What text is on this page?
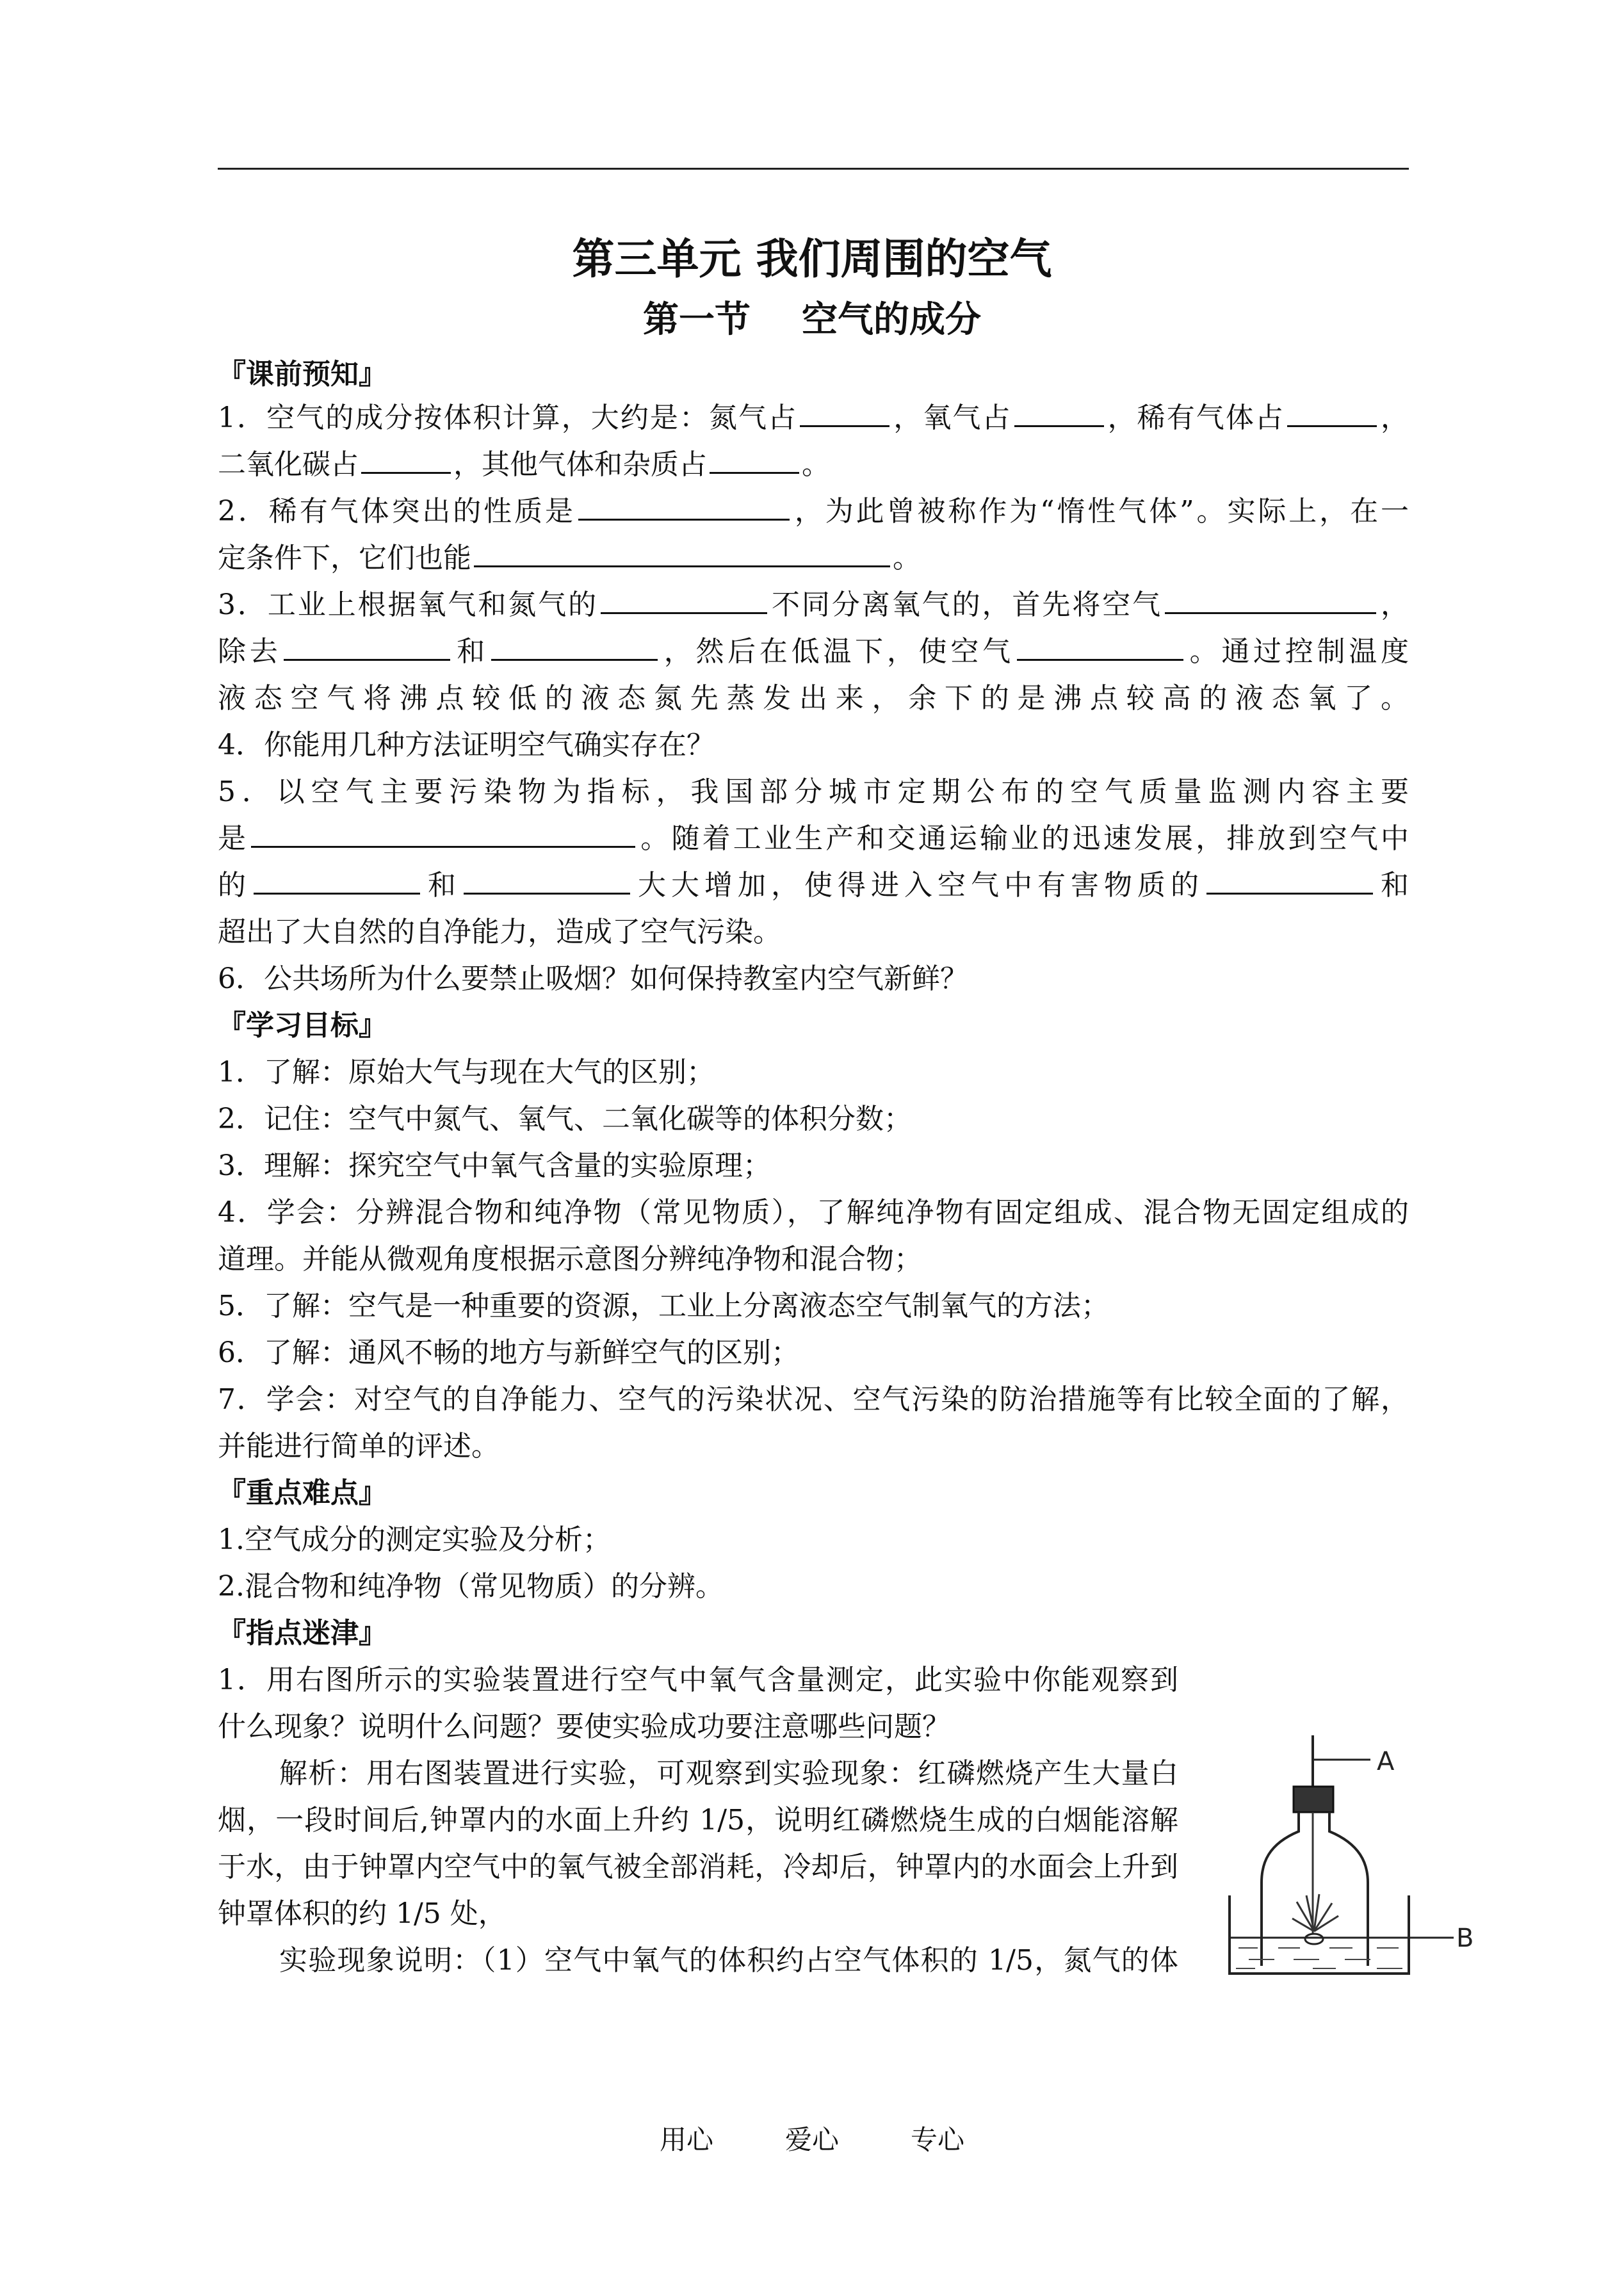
第三单元 我们周围的空气
第一节 空气的成分
『课前预知』
1．空气的成分按体积计算，大约是：氮气占	，氧气占	，稀有气体占	，
二氧化碳占	，其他气体和杂质占	。
2．稀有气体突出的性质是	，为此曾被称作为“惰性气体”。实际上，在一
定条件下，它们也能	。
3．工业上根据氧气和氮气的	不同分离氧气的，首先将空气	，
除去	和	，然后在低温下，使空气	。通过控制温度
液态空气将沸点较低的液态氮先蒸发出来，余下的是沸点较高的液态氧了。
4．你能用几种方法证明空气确实存在？
5．以空气主要污染物为指标，我国部分城市定期公布的空气质量监测内容主要
是	。随着工业生产和交通运输业的迅速发展，排放到空气中
的	和	大大增加，使得进入空气中有害物质的	和
超出了大自然的自净能力，造成了空气污染。
6．公共场所为什么要禁止吸烟？如何保持教室内空气新鲜？
『学习目标』
1．了解：原始大气与现在大气的区别；
2．记住：空气中氮气、氧气、二氧化碳等的体积分数；
3．理解：探究空气中氧气含量的实验原理；
4．学会：分辨混合物和纯净物（常见物质），了解纯净物有固定组成、混合物无固定组成的
道理。并能从微观角度根据示意图分辨纯净物和混合物；
5．了解：空气是一种重要的资源，工业上分离液态空气制氧气的方法；
6．了解：通风不畅的地方与新鲜空气的区别；
7．学会：对空气的自净能力、空气的污染状况、空气污染的防治措施等有比较全面的了解，
并能进行简单的评述。
『重点难点』
1.空气成分的测定实验及分析；
2.混合物和纯净物（常见物质）的分辨。
『指点迷津』
1．用右图所示的实验装置进行空气中氧气含量测定，此实验中你能观察到
什么现象？说明什么问题？要使实验成功要注意哪些问题？
解析：用右图装置进行实验，可观察到实验现象：红磷燃烧产生大量白
烟，一段时间后,钟罩内的水面上升约 1/5，说明红磷燃烧生成的白烟能溶解
于水，由于钟罩内空气中的氧气被全部消耗，冷却后，钟罩内的水面会上升到
钟罩体积的约 1/5 处，
实验现象说明：（1）空气中氧气的体积约占空气体积的 1/5，氮气的体
A
B
用心	爱心	专心
